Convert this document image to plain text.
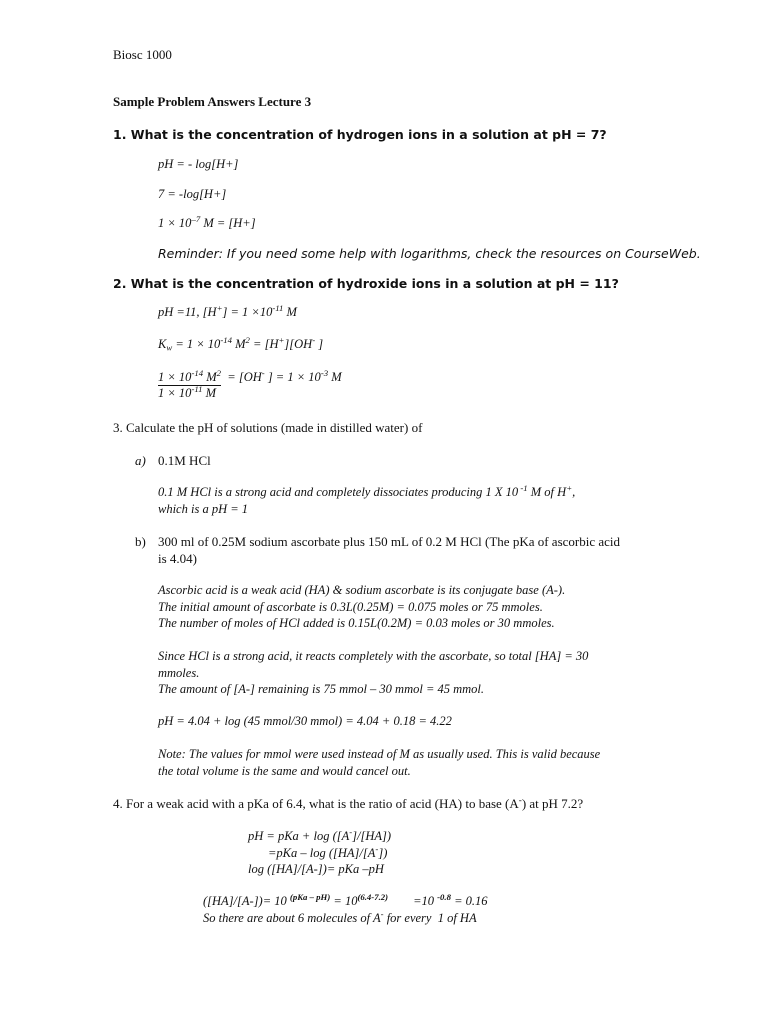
Biosc 1000
Sample Problem Answers Lecture 3
1. What is the concentration of hydrogen ions in a solution at pH = 7?
pH = - log[H+]
7 = -log[H+]
$1 \times 10^{-7}$ M = [H+]
Reminder: If you need some help with logarithms, check the resources on CourseWeb.
2. What is the concentration of hydroxide ions in a solution at pH = 11?
pH =11, $[H^+] = 1 \times 10^{-11}$ M
$K_w = 1 \times 10^{-14}$ $M^2 = [H^+][OH^-$ ]
$1 \times 10^{-14}$ $M^2 = [OH^-$ ] = $1 \times 10^{-3}$ M
$1 \times 10^{-11}$ M
3. Calculate the pH of solutions (made in distilled water) of
a) 0.1M HCl
0.1 M HCl is a strong acid and completely dissociates producing 1 X 10 $^{-1}$ M of H+,
which is a pH = 1
b) 300 ml of 0.25M sodium ascorbate plus 150 mL of 0.2 M HCl (The pKa of ascorbic acid
is 4.04)
Ascorbic acid is a weak acid (HA) & sodium ascorbate is its conjugate base (A-).
The initial amount of ascorbate is 0.3L(0.25M) = 0.075 moles or 75 mmoles.
The number of moles of HCl added is 0.15L(0.2M) = 0.03 moles or 30 mmoles.
Since HCl is a strong acid, it reacts completely with the ascorbate, so total [HA] = 30
mmoles.
The amount of [A-] remaining is 75 mmol – 30 mmol = 45 mmol.
pH = 4.04 + log (45 mmol/30 mmol) = 4.04 + 0.18 = 4.22
Note: The values for mmol were used instead of M as usually used. This is valid because
the total volume is the same and would cancel out.
4. For a weak acid with a pKa of 6.4, what is the ratio of acid (HA) to base (A-) at pH 7.2?
pH = pKa + log ([A-]/[HA])
=pKa – log ([HA]/[A-])
log ([HA]/[A-])= pKa –pH
([HA]/[A-])= 10 $^{(pKa - pH)} = 10^{(6.4-7.2)}$        =10 $^{-0.8}$ = 0.16
So there are about 6 molecules of A- for every  1 of HA
